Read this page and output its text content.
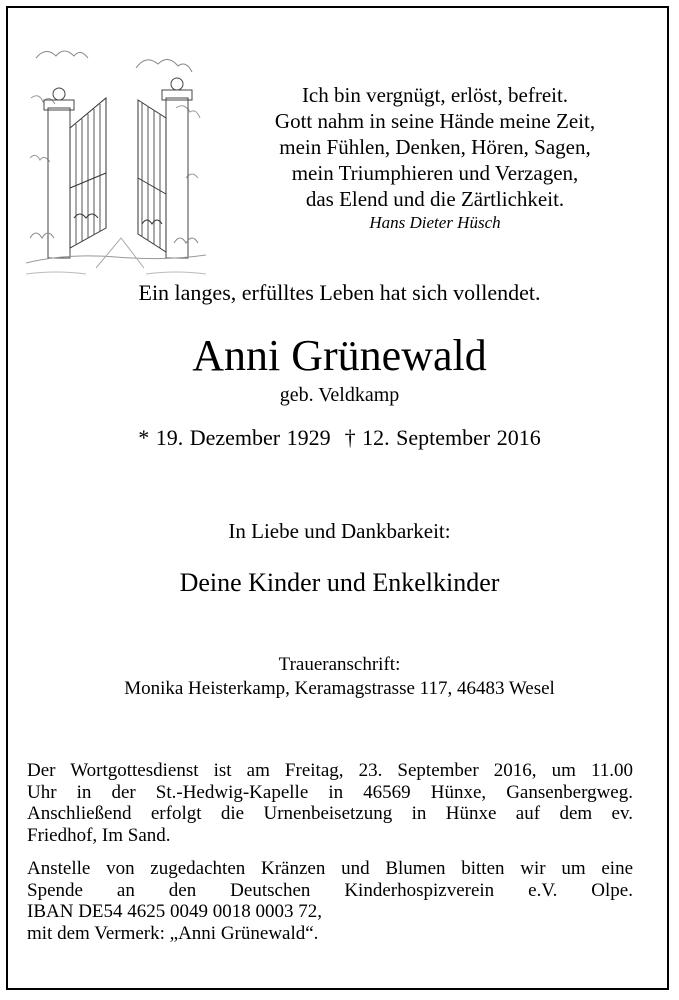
Ich bin vergnügt, erlöst, befreit.
Gott nahm in seine Hände meine Zeit,
mein Fühlen, Denken, Hören, Sagen,
mein Triumphieren und Verzagen,
das Elend und die Zärtlichkeit.
Hans Dieter Hüsch
Ein langes, erfülltes Leben hat sich vollendet.
Anni Grünewald
geb. Veldkamp
* 19. Dezember 1929 † 12. September 2016
In Liebe und Dankbarkeit:
Deine Kinder und Enkelkinder
Traueranschrift:
Monika Heisterkamp, Keramagstrasse 117, 46483 Wesel
Der Wortgottesdienst ist am Freitag, 23. September 2016, um 11.00
Uhr in der St.-Hedwig-Kapelle in 46569 Hünxe, Gansenbergweg.
Anschließend erfolgt die Urnenbeisetzung in Hünxe auf dem ev.
Friedhof, Im Sand.
Anstelle von zugedachten Kränzen und Blumen bitten wir um eine
Spende an den Deutschen Kinderhospizverein e.V. Olpe.
IBAN DE54 4625 0049 0018 0003 72,
mit dem Vermerk: „Anni Grünewald“.
